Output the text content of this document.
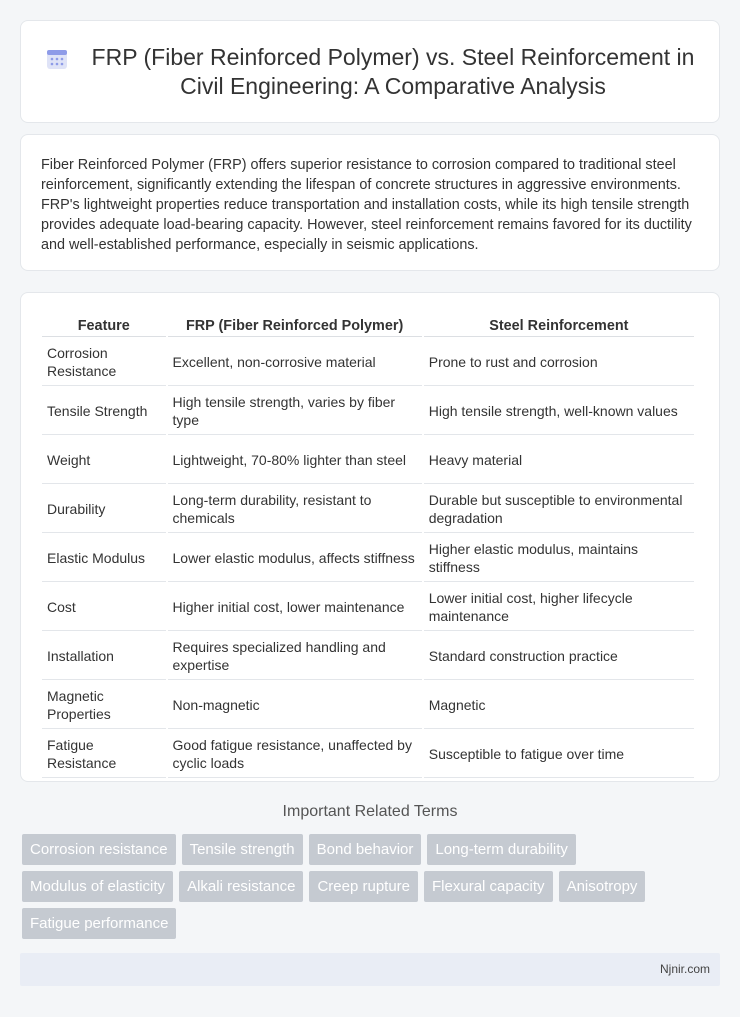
FRP (Fiber Reinforced Polymer) vs. Steel Reinforcement in Civil Engineering: A Comparative Analysis

Fiber Reinforced Polymer (FRP) offers superior resistance to corrosion compared to traditional steel reinforcement, significantly extending the lifespan of concrete structures in aggressive environments. FRP's lightweight properties reduce transportation and installation costs, while its high tensile strength provides adequate load-bearing capacity. However, steel reinforcement remains favored for its ductility and well-established performance, especially in seismic applications.

Feature	FRP (Fiber Reinforced Polymer)	Steel Reinforcement
Corrosion Resistance	Excellent, non-corrosive material	Prone to rust and corrosion
Tensile Strength	High tensile strength, varies by fiber type	High tensile strength, well-known values
Weight	Lightweight, 70-80% lighter than steel	Heavy material
Durability	Long-term durability, resistant to chemicals	Durable but susceptible to environmental degradation
Elastic Modulus	Lower elastic modulus, affects stiffness	Higher elastic modulus, maintains stiffness
Cost	Higher initial cost, lower maintenance	Lower initial cost, higher lifecycle maintenance
Installation	Requires specialized handling and expertise	Standard construction practice
Magnetic Properties	Non-magnetic	Magnetic
Fatigue Resistance	Good fatigue resistance, unaffected by cyclic loads	Susceptible to fatigue over time
Important Related Terms
Corrosion resistance	Tensile strength	Bond behavior	Long-term durability
Modulus of elasticity	Alkali resistance	Creep rupture	Flexural capacity	Anisotropy
Fatigue performance
Njnir.com
